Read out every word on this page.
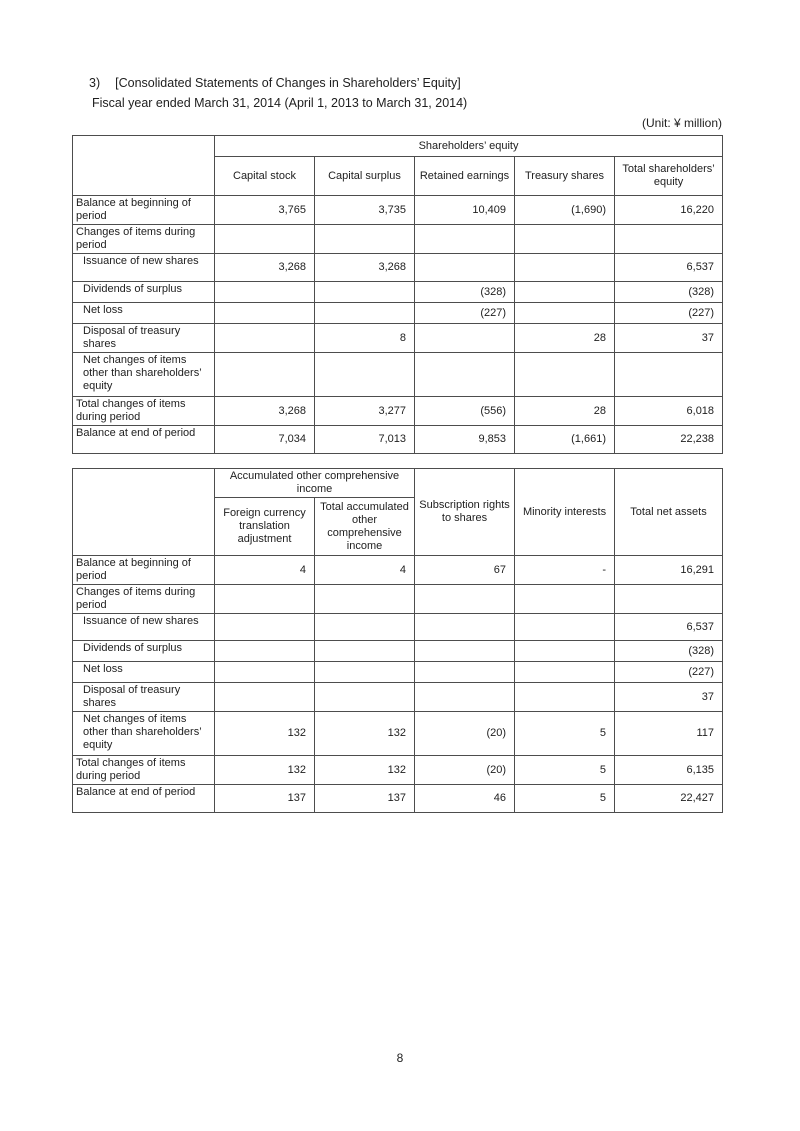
3) [Consolidated Statements of Changes in Shareholders’ Equity]
Fiscal year ended March 31, 2014 (April 1, 2013 to March 31, 2014)
(Unit: ¥ million)
	Shareholders’ equity				
	Capital stock	Capital surplus	Retained earnings	Treasury shares	Total shareholders’ equity
Balance at beginning of period	3,765	3,735	10,409	(1,690)	16,220
Changes of items during period					
Issuance of new shares	3,268	3,268			6,537
Dividends of surplus			(328)		(328)
Net loss			(227)		(227)
Disposal of treasury shares		8		28	37
Net changes of items other than shareholders’ equity					
Total changes of items during period	3,268	3,277	(556)	28	6,018
Balance at end of period	7,034	7,013	9,853	(1,661)	22,238
	Accumulated other comprehensive income		Subscription rights to shares	Minority interests	Total net assets
	Foreign currency translation adjustment	Total accumulated other comprehensive income			
Balance at beginning of period	4	4	67	-	16,291
Changes of items during period					
Issuance of new shares					6,537
Dividends of surplus					(328)
Net loss					(227)
Disposal of treasury shares					37
Net changes of items other than shareholders’ equity	132	132	(20)	5	117
Total changes of items during period	132	132	(20)	5	6,135
Balance at end of period	137	137	46	5	22,427
8
